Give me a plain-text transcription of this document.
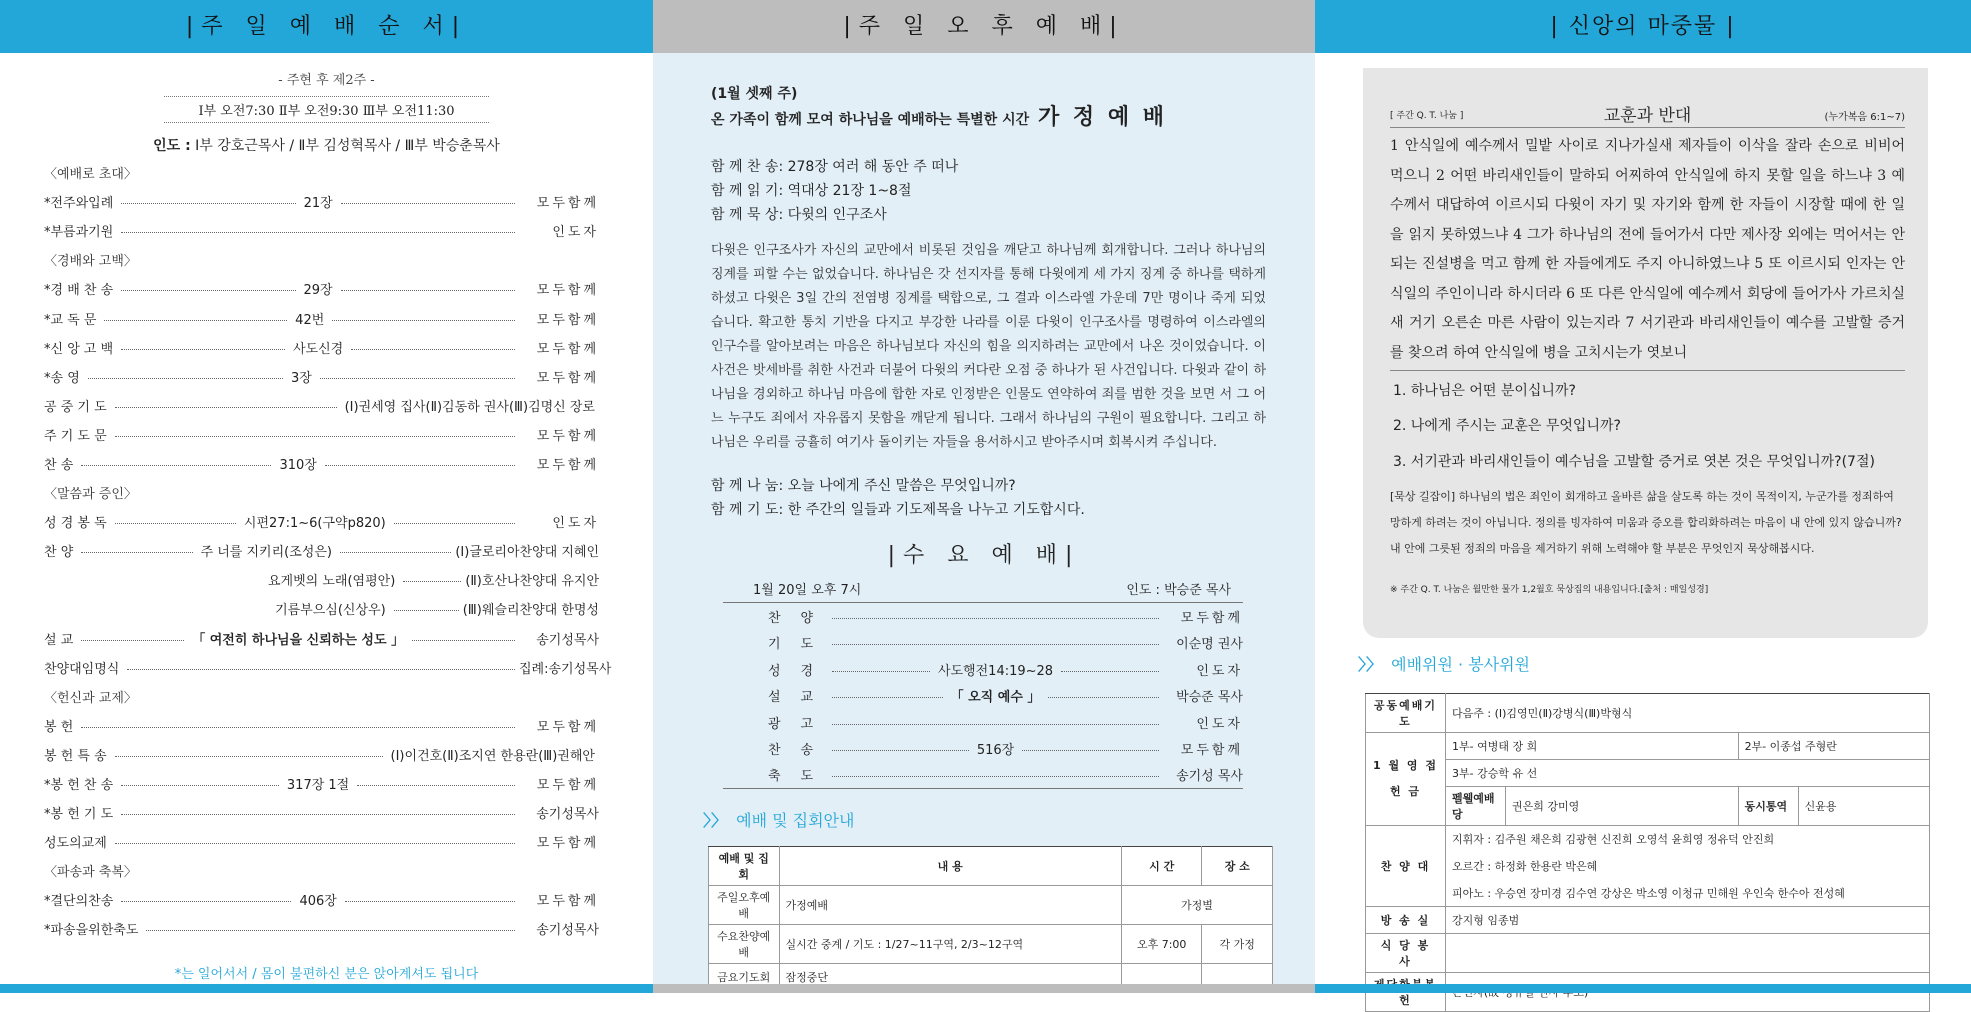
|주 일 예 배 순 서|
- 주현 후 제2주 -
Ⅰ부 오전7:30 Ⅱ부 오전9:30 Ⅲ부 오전11:30
인도 : Ⅰ부 강호근목사 / Ⅱ부 김성혁목사 / Ⅲ부 박승춘목사
〈예배로 초대〉
*전주와입례	21장	모두함께
*부름과기원	인도자
〈경배와 고백〉
*경 배 찬 송	29장	모두함께
*교 독 문	42번	모두함께
*신 앙 고 백	사도신경	모두함께
*송 영	3장	모두함께
공 중 기 도	(Ⅰ)권세영 집사(Ⅱ)김동하 권사(Ⅲ)김명신 장로
주 기 도 문	모두함께
찬 송	310장	모두함께
〈말씀과 증인〉
성 경 봉 독	시편27:1~6(구약p820)	인도자
찬 양	주 너를 지키리(조성은)	(Ⅰ)글로리아찬양대 지혜인
요게벳의 노래(염평안)	(Ⅱ)호산나찬양대 유지안
기름부으심(신상우)	(Ⅲ)웨슬리찬양대 한명성
설 교	「 여전히 하나님을 신뢰하는 성도 」	송기성목사
찬양대임명식	집례:송기성목사
〈헌신과 교제〉
봉 헌	모두함께
봉 헌 특 송	(Ⅰ)이건호(Ⅱ)조지연 한용란(Ⅲ)권해안
*봉 헌 찬 송	317장 1절	모두함께
*봉 헌 기 도	송기성목사
성도의교제	모두함께
〈파송과 축복〉
*결단의찬송	406장	모두함께
*파송을위한축도	송기성목사
*는 일어서서 / 몸이 불편하신 분은 앉아계셔도 됩니다
|주 일 오 후 예 배|
(1월 셋째 주)
온 가족이 함께 모여 하나님을 예배하는 특별한 시간 가 정 예 배
함 께 찬 송: 278장 여러 해 동안 주 떠나
함 께 읽 기: 역대상 21장 1~8절
함 께 묵 상: 다윗의 인구조사
다윗은 인구조사가 자신의 교만에서 비롯된 것임을 깨닫고 하나님께 회개합니다. 그러나 하나님의 징계를 피할 수는 없었습니다. 하나님은 갓 선지자를 통해 다윗에게 세 가지 징계 중 하나를 택하게 하셨고 다윗은 3일 간의 전염병 징계를 택합으로, 그 결과 이스라엘 가운데 7만 명이나 죽게 되었습니다. 확고한 통치 기반을 다지고 부강한 나라를 이룬 다윗이 인구조사를 명령하여 이스라엘의 인구수를 알아보려는 마음은 하나님보다 자신의 힘을 의지하려는 교만에서 나온 것이었습니다. 이 사건은 밧세바를 취한 사건과 더불어 다윗의 커다란 오점 중 하나가 된 사건입니다. 다윗과 같이 하나님을 경외하고 하나님 마음에 합한 자로 인정받은 인물도 연약하여 죄를 범한 것을 보면 서 그 어느 누구도 죄에서 자유롭지 못함을 깨닫게 됩니다. 그래서 하나님의 구원이 필요합니다. 그리고 하나님은 우리를 긍휼히 여기사 돌이키는 자들을 용서하시고 받아주시며 회복시켜 주십니다.
함 께 나 눔: 오늘 나에게 주신 말씀은 무엇입니까?
함 께 기 도: 한 주간의 일들과 기도제목을 나누고 기도합시다.
|수 요 예 배|
1월 20일 오후 7시	인도 : 박승준 목사
찬양	모두함께
기도	이순명 권사
성경	사도행전14:19~28	인도자
설교	「 오직 예수 」	박승준 목사
광고	인도자
찬송	516장	모두함께
축도	송기성 목사
〉〉 예배 및 집회안내
예배 및 집회	내 용	시 간	장 소
주일오후예배	가정예배	가정별	
수요찬양예배	실시간 중계 / 기도 : 1/27~11구역, 2/3~12구역	오후 7:00	각 가정
금요기도회	잠정중단		
| 신앙의 마중물 |
[ 주간 Q. T. 나눔 ]	교훈과 반대	(누가복음 6:1~7)
1 안식일에 예수께서 밀밭 사이로 지나가실새 제자들이 이삭을 잘라 손으로 비비어 먹으니 2 어떤 바리새인들이 말하되 어찌하여 안식일에 하지 못할 일을 하느냐 3 예수께서 대답하여 이르시되 다윗이 자기 및 자기와 함께 한 자들이 시장할 때에 한 일을 읽지 못하였느냐 4 그가 하나님의 전에 들어가서 다만 제사장 외에는 먹어서는 안 되는 진설병을 먹고 함께 한 자들에게도 주지 아니하였느냐 5 또 이르시되 인자는 안식일의 주인이니라 하시더라 6 또 다른 안식일에 예수께서 회당에 들어가사 가르치실새 거기 오른손 마른 사람이 있는지라 7 서기관과 바리새인들이 예수를 고발할 증거를 찾으려 하여 안식일에 병을 고치시는가 엿보니
1. 하나님은 어떤 분이십니까?
2. 나에게 주시는 교훈은 무엇입니까?
3. 서기관과 바리새인들이 예수님을 고발할 증거로 엿본 것은 무엇입니까?(7절)
[묵상 길잡이] 하나님의 법은 죄인이 회개하고 올바른 삶을 살도록 하는 것이 목적이지, 누군가를 정죄하여 망하게 하려는 것이 아닙니다. 정의를 빙자하여 미움과 증오를 합리화하려는 마음이 내 안에 있지 않습니까? 내 안에 그릇된 정죄의 마음을 제거하기 위해 노력해야 할 부분은 무엇인지 묵상해봅시다.
※ 주간 Q. T. 나눔은 월만한 물가 1,2월호 묵상집의 내용입니다.[출처 : 매일성경]
〉〉 예배위원 · 봉사위원
공동예배기도	다음주 : (Ⅰ)김영민(Ⅱ)강병식(Ⅲ)박형식			
1 월 영 접 헌 금	1부- 여병태 장 희		2부- 이종섭 주형란	
	3부- 강승학 유 선			
	펠웰예배당	권은희 강미영	동시통역	신윤용
찬 양 대	지휘자 : 김주원 채은희 김광현 신진희 오영석 윤희영 정유덕 안진희			
	오르간 : 하정화 한용란 박은혜			
	피아노 : 우승연 장미경 김수연 강상은 박소영 이청규 민해원 우인숙 한수아 전성혜			
방 송 실	강지형 임종범			
식 당 봉 사				
헌	
